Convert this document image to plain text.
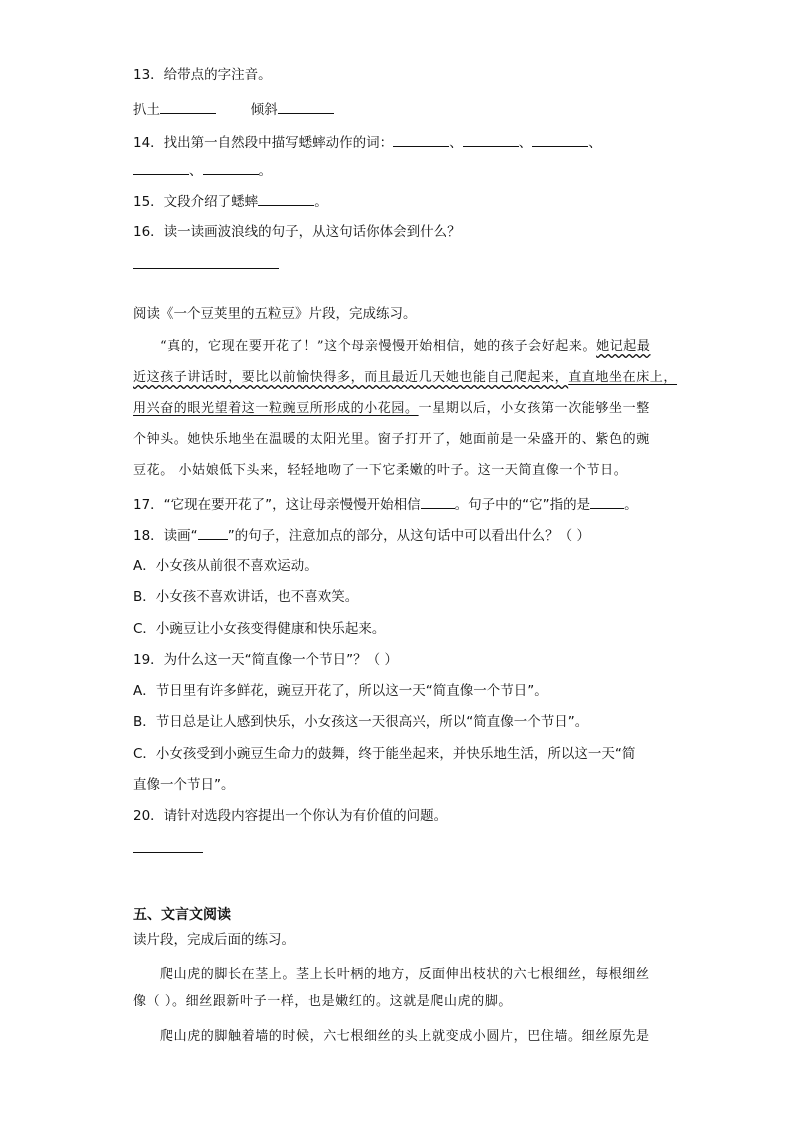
13．给带点的字注音。
扒土	倾斜
14．找出第一自然段中描写蟋蟀动作的词：	、	、	、
、	。
15．文段介绍了蟋蟀	。
16．读一读画波浪线的句子，从这句话你体会到什么？
阅读《一个豆荚里的五粒豆》片段，完成练习。
“真的，它现在要开花了！”这个母亲慢慢开始相信，她的孩子会好起来。她记起最
近这孩子讲话时，要比以前愉快得多，而且最近几天她也能自己爬起来，直直地坐在床上，
用兴奋的眼光望着这一粒豌豆所形成的小花园。一星期以后，小女孩第一次能够坐一整
个钟头。她快乐地坐在温暖的太阳光里。窗子打开了，她面前是一朵盛开的、紫色的豌
豆花。 小姑娘低下头来，轻轻地吻了一下它柔嫩的叶子。这一天简直像一个节日。
17．“它现在要开花了”，这让母亲慢慢开始相信	。句子中的“它”指的是	。
18．读画“ ”的句子，注意加点的部分，从这句话中可以看出什么？（ ）
A．小女孩从前很不喜欢运动。
B．小女孩不喜欢讲话，也不喜欢笑。
C．小豌豆让小女孩变得健康和快乐起来。
19．为什么这一天“简直像一个节日”？（ ）
A．节日里有许多鲜花，豌豆开花了，所以这一天“简直像一个节日”。
B．节日总是让人感到快乐，小女孩这一天很高兴，所以“简直像一个节日”。
C．小女孩受到小豌豆生命力的鼓舞，终于能坐起来，并快乐地生活，所以这一天“简
直像一个节日”。
20．请针对选段内容提出一个你认为有价值的问题。
五、文言文阅读
读片段，完成后面的练习。
爬山虎的脚长在茎上。茎上长叶柄的地方，反面伸出枝状的六七根细丝，每根细丝
像（ ）。细丝跟新叶子一样，也是嫩红的。这就是爬山虎的脚。
爬山虎的脚触着墙的时候，六七根细丝的头上就变成小圆片，巴住墙。细丝原先是
